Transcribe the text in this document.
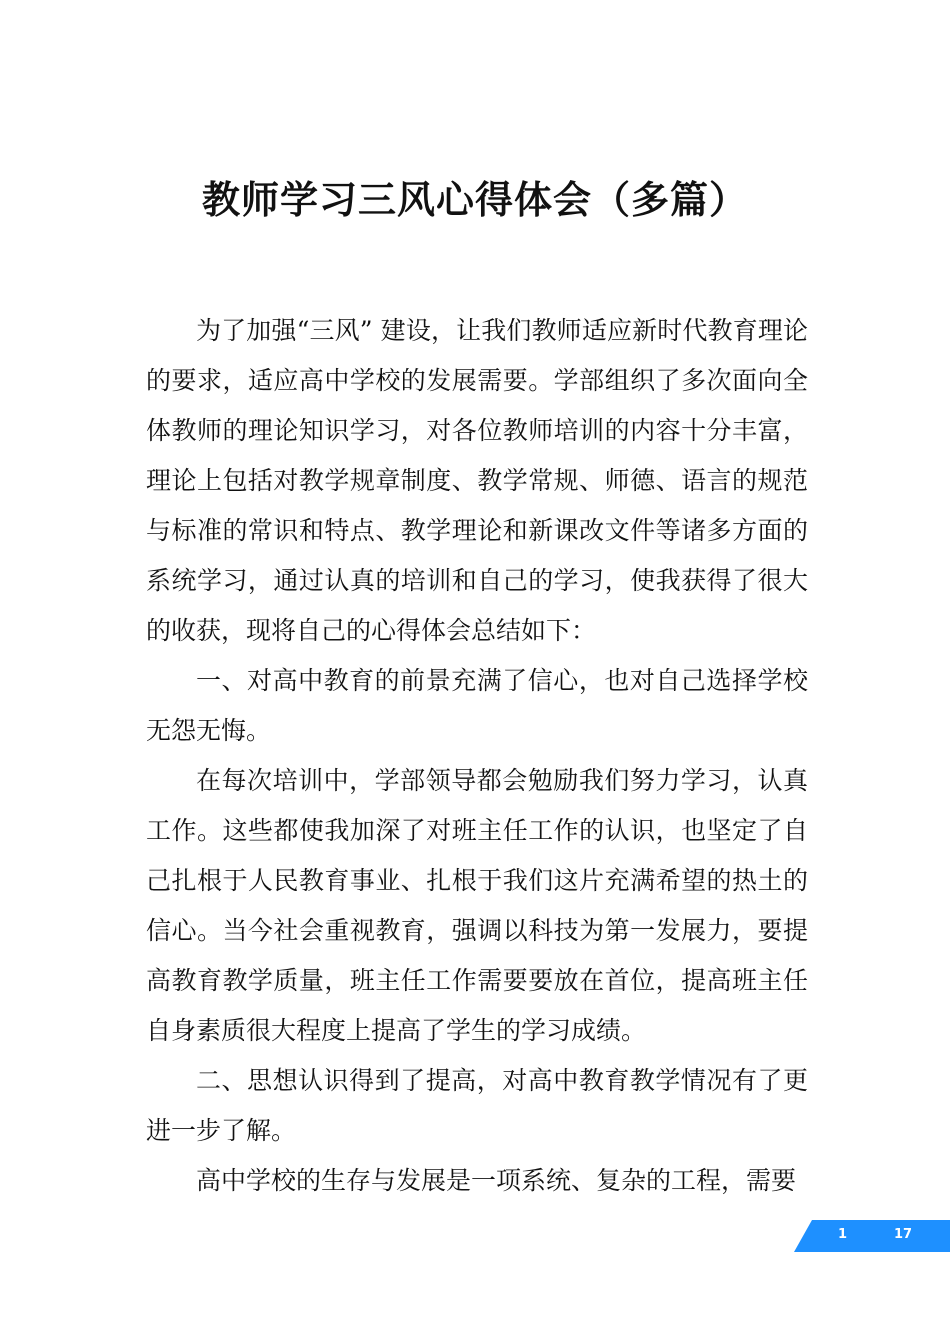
教师学习三风心得体会（多篇）

为了加强“三风” 建设，让我们教师适应新时代教育理论的要求，适应高中学校的发展需要。学部组织了多次面向全体教师的理论知识学习，对各位教师培训的内容十分丰富，理论上包括对教学规章制度、教学常规、师德、语言的规范与标准的常识和特点、教学理论和新课改文件等诸多方面的系统学习，通过认真的培训和自己的学习，使我获得了很大的收获，现将自己的心得体会总结如下：

一、对高中教育的前景充满了信心，也对自己选择学校无怨无悔。

在每次培训中，学部领导都会勉励我们努力学习，认真工作。这些都使我加深了对班主任工作的认识，也坚定了自己扎根于人民教育事业、扎根于我们这片充满希望的热土的信心。当今社会重视教育，强调以科技为第一发展力，要提高教育教学质量，班主任工作需要要放在首位，提高班主任自身素质很大程度上提高了学生的学习成绩。

二、思想认识得到了提高，对高中教育教学情况有了更进一步了解。

高中学校的生存与发展是一项系统、复杂的工程，需要

1	17
